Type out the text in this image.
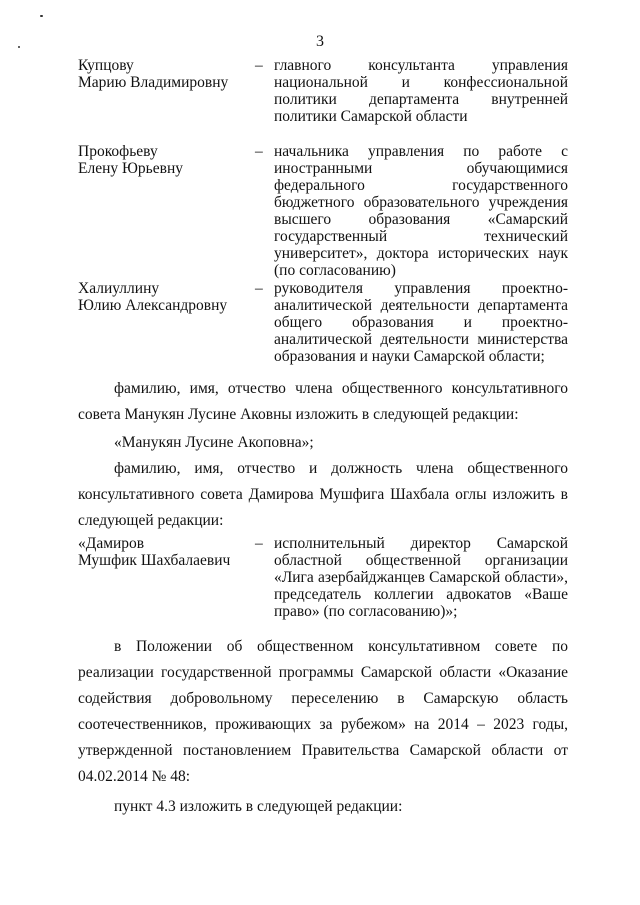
3
Купцову
Марию Владимировну
– главного консультанта управления национальной и конфессиональной политики департамента внутренней политики Самарской области
Прокофьеву
Елену Юрьевну
– начальника управления по работе с иностранными обучающимися федерального государственного бюджетного образовательного учреждения высшего образования «Самарский государственный технический университет», доктора исторических наук (по согласованию)
Халиуллину
Юлию Александровну
– руководителя управления проектно-аналитической деятельности департамента общего образования и проектно-аналитической деятельности министерства образования и науки Самарской области;
фамилию, имя, отчество члена общественного консультативного совета Манукян Лусине Аковны изложить в следующей редакции:
«Манукян Лусине Акоповна»;
фамилию, имя, отчество и должность члена общественного консультативного совета Дамирова Мушфига Шахбала оглы изложить в следующей редакции:
«Дамиров
Мушфик Шахбалаевич
– исполнительный директор Самарской областной общественной организации «Лига азербайджанцев Самарской области», председатель коллегии адвокатов «Ваше право» (по согласованию)»;
в Положении об общественном консультативном совете по реализации государственной программы Самарской области «Оказание содействия добровольному переселению в Самарскую область соотечественников, проживающих за рубежом» на 2014 – 2023 годы, утвержденной постановлением Правительства Самарской области от 04.02.2014 № 48:
пункт 4.3 изложить в следующей редакции:
